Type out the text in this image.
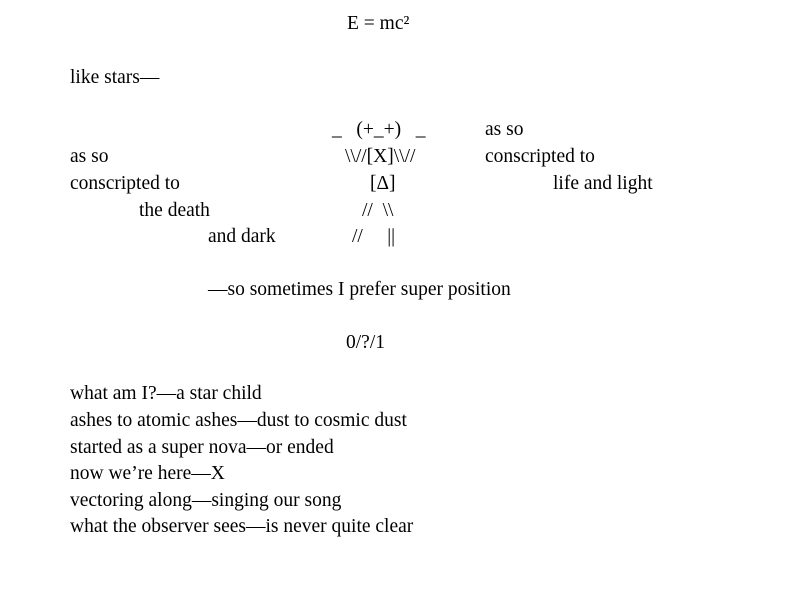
E = mc²
like stars—
_   (+_+)   _
\\//[X]\\//
[Δ]
//  \\
//     ||
as so
conscripted to
the death
and dark
as so
conscripted to
life and light
—so sometimes I prefer super position
0/?/1
what am I?—a star child
ashes to atomic ashes—dust to cosmic dust
started as a super nova—or ended
now we’re here—X
vectoring along—singing our song
what the observer sees—is never quite clear
